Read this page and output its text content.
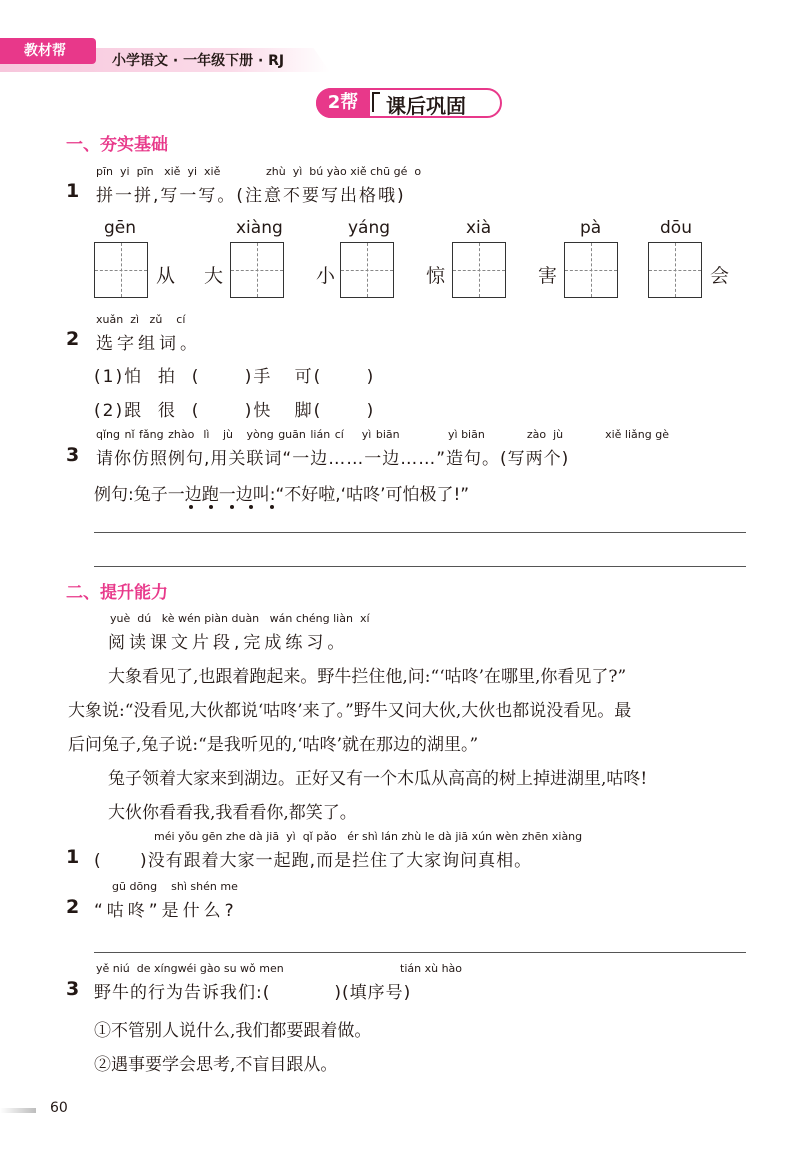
教材帮
小学语文 · 一年级下册 · RJ
2帮	课后巩固
一、夯实基础
pīn yi pīn xiě yi xiě	zhù yì bú yào xiě chū gé o
1 拼一拼,写一写。(注意不要写出格哦)
gēn	xiàng	yáng	xià	pà	dōu
从 大	小	惊	害	会
xuǎn zì zǔ cí
2 选字组词。
(1)怕  拍  (      )手   可(      )
(2)跟  很  (      )快   脚(      )
qǐng nǐ fǎng zhào lì jù yòng guān lián cí yì biān	yì biān	zào jù	xiě liǎng gè
3 请你仿照例句,用关联词“一边……一边……”造句。(写两个)
例句:兔子一边跑一边叫:“不好啦,‘咕咚’可怕极了!”
二、提升能力
yuè dú kè wén piàn duàn wán chéng liàn xí
阅读课文片段,完成练习。
大象看见了,也跟着跑起来。野牛拦住他,问:“‘咕咚’在哪里,你看见了?”
大象说:“没看见,大伙都说‘咕咚’来了。”野牛又问大伙,大伙也都说没看见。最
后问兔子,兔子说:“是我听见的,‘咕咚’就在那边的湖里。”
兔子领着大家来到湖边。正好又有一个木瓜从高高的树上掉进湖里,咕咚!
大伙你看看我,我看看你,都笑了。
méi yǒu gēn zhe dà jiā yì qǐ pǎo ér shì lán zhù le dà jiā xún wèn zhēn xiàng
1 (      )没有跟着大家一起跑,而是拦住了大家询问真相。
gū dōng shì shén me
2 “咕咚”是什么?
yě niú de xíngwéi gào su wǒ men	tián xù hào
3 野牛的行为告诉我们:(          )(填序号)
①不管别人说什么,我们都要跟着做。
②遇事要学会思考,不盲目跟从。
60
